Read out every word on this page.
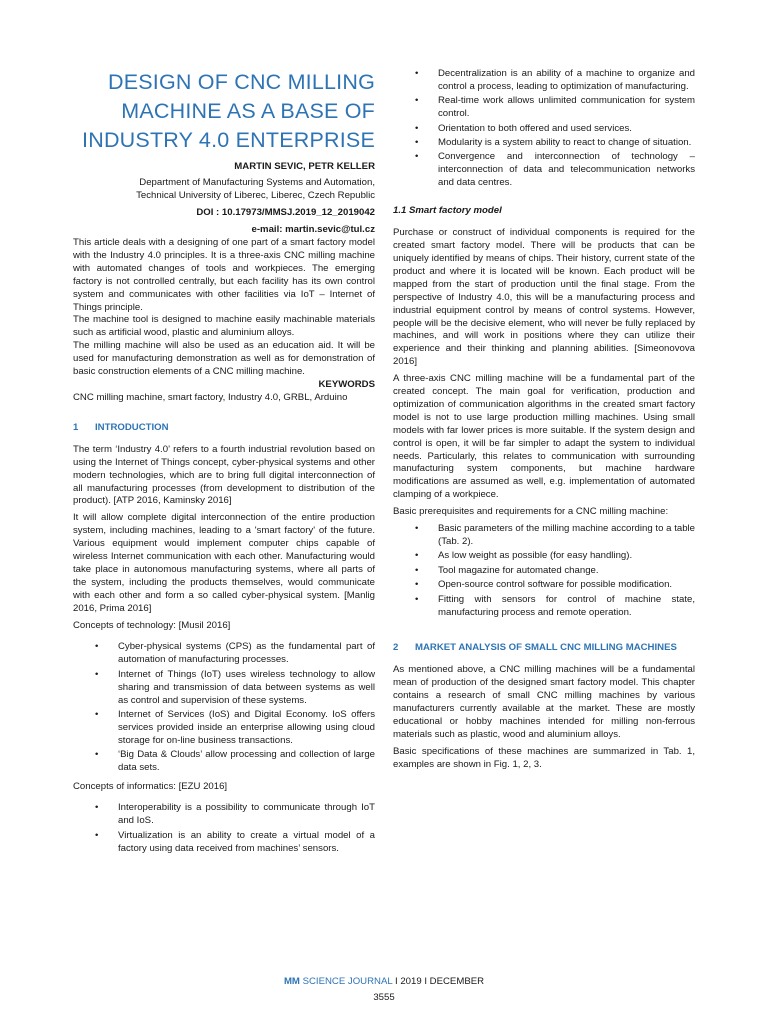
DESIGN OF CNC MILLING
MACHINE AS A BASE OF
INDUSTRY 4.0 ENTERPRISE
MARTIN SEVIC, PETR KELLER
Department of Manufacturing Systems and Automation,
Technical University of Liberec, Liberec, Czech Republic
DOI : 10.17973/MMSJ.2019_12_2019042
e-mail: martin.sevic@tul.cz

This article deals with a designing of one part of a smart factory model with the Industry 4.0 principles. It is a three-axis CNC milling machine with automated changes of tools and workpieces. The emerging factory is not controlled centrally, but each facility has its own control system and communicates with other facilities via IoT – Internet of Things principle.

The machine tool is designed to machine easily machinable materials such as artificial wood, plastic and aluminium alloys.

The milling machine will also be used as an education aid. It will be used for manufacturing demonstration as well as for demonstration of basic construction elements of a CNC milling machine.

KEYWORDS

CNC milling machine, smart factory, Industry 4.0, GRBL, Arduino

1	INTRODUCTION

The term ‘Industry 4.0’ refers to a fourth industrial revolution based on using the Internet of Things concept, cyber-physical systems and other modern technologies, which are to bring full digital interconnection of all manufacturing processes (from development to distribution of the product). [ATP 2016, Kaminsky 2016]

It will allow complete digital interconnection of the entire production system, including machines, leading to a 'smart factory' of the future. Various equipment would implement computer chips capable of wireless Internet communication with each other. Manufacturing would take place in autonomous manufacturing systems, where all parts of the system, including the products themselves, would communicate with each other and form a so called cyber-physical system. [Manlig 2016, Prima 2016]

Concepts of technology: [Musil 2016]

• Cyber-physical systems (CPS) as the fundamental part of automation of manufacturing processes.
• Internet of Things (IoT) uses wireless technology to allow sharing and transmission of data between systems as well as control and supervision of these systems.
• Internet of Services (IoS) and Digital Economy. IoS offers services provided inside an enterprise allowing using cloud storage for on-line business transactions.
• ‘Big Data & Clouds’ allow processing and collection of large data sets.

Concepts of informatics: [EZU 2016]

• Interoperability is a possibility to communicate through IoT and IoS.
• Virtualization is an ability to create a virtual model of a factory using data received from machines’ sensors.
• Decentralization is an ability of a machine to organize and control a process, leading to optimization of manufacturing.
• Real-time work allows unlimited communication for system control.
• Orientation to both offered and used services.
• Modularity is a system ability to react to change of situation.
• Convergence and interconnection of technology – interconnection of data and telecommunication networks and data centres.
1.1 Smart factory model

Purchase or construct of individual components is required for the created smart factory model. There will be products that can be uniquely identified by means of chips. Their history, current state of the product and where it is located will be known. Each product will be mapped from the start of production until the final stage. From the perspective of Industry 4.0, this will be a manufacturing process and industrial equipment control by means of control systems. However, people will be the decisive element, who will never be fully replaced by machines, and will work in positions where they can utilize their experience and their thinking and planning abilities. [Simeonovova 2016]

A three-axis CNC milling machine will be a fundamental part of the created concept. The main goal for verification, production and optimization of communication algorithms in the created smart factory model is not to use large production milling machines. Using small models with far lower prices is more suitable. If the system design and control is open, it will be far simpler to adapt the system to individual needs. Particularly, this relates to communication with surrounding manufacturing system components, but machine hardware modifications are assumed as well, e.g. implementation of automated clamping of a workpiece.

Basic prerequisites and requirements for a CNC milling machine:

• Basic parameters of the milling machine according to a table (Tab. 2).
• As low weight as possible (for easy handling).
• Tool magazine for automated change.
• Open-source control software for possible modification.
• Fitting with sensors for control of machine state, manufacturing process and remote operation.
2	MARKET ANALYSIS OF SMALL CNC MILLING MACHINES

As mentioned above, a CNC milling machines will be a fundamental mean of production of the designed smart factory model. This chapter contains a research of small CNC milling machines by various manufacturers currently available at the market. These are mostly educational or hobby machines intended for milling non-ferrous materials such as plastic, wood and aluminium alloys.

Basic specifications of these machines are summarized in Tab. 1, examples are shown in Fig. 1, 2, 3.

MM SCIENCE JOURNAL I 2019 I DECEMBER
3555
